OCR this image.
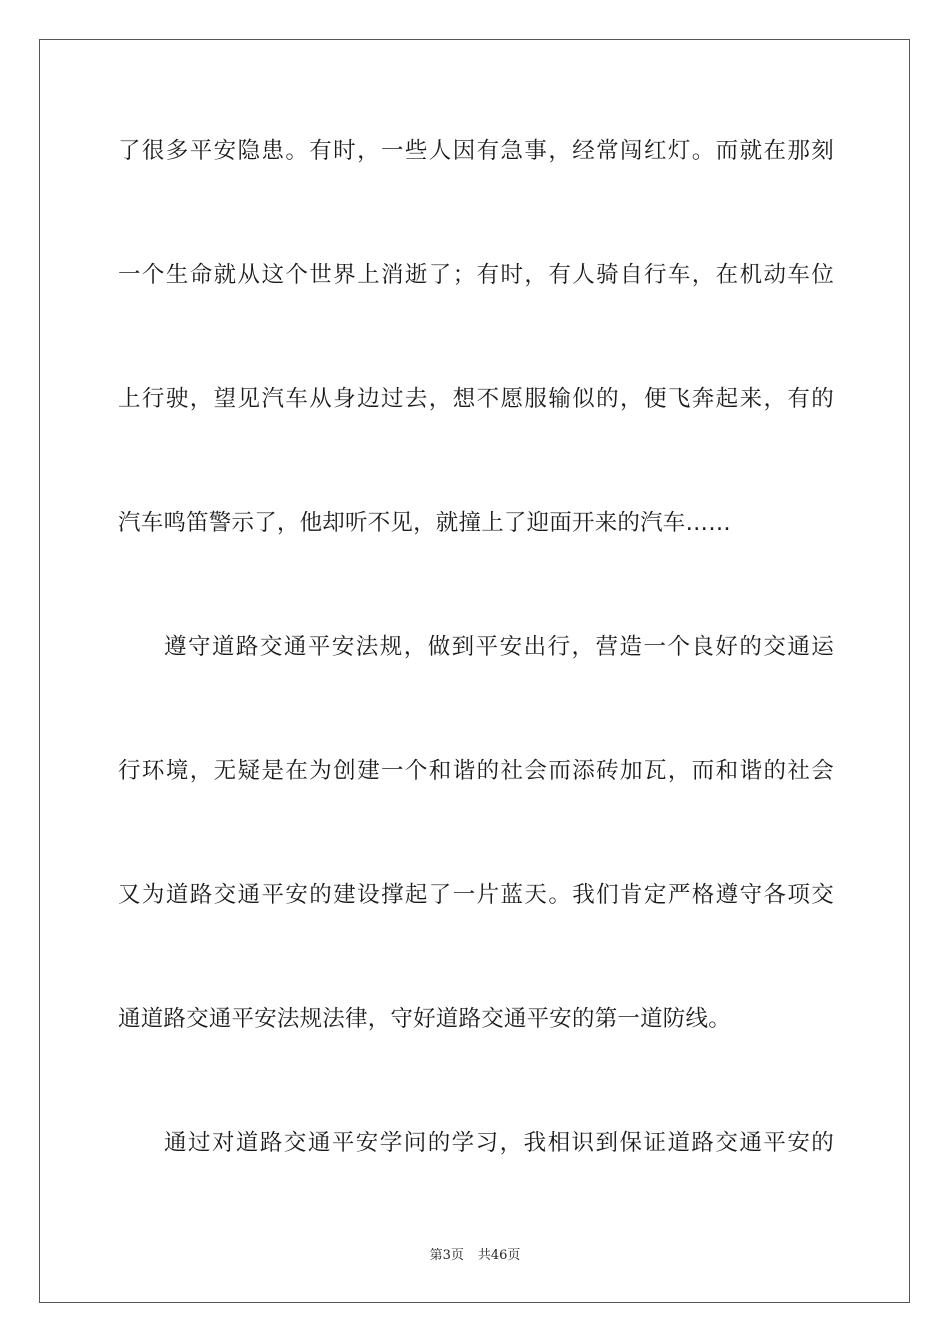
了很多平安隐患。有时，一些人因有急事，经常闯红灯。而就在那刻
一个生命就从这个世界上消逝了；有时，有人骑自行车，在机动车位
上行驶，望见汽车从身边过去，想不愿服输似的，便飞奔起来，有的
汽车鸣笛警示了，他却听不见，就撞上了迎面开来的汽车……
遵守道路交通平安法规，做到平安出行，营造一个良好的交通运
行环境，无疑是在为创建一个和谐的社会而添砖加瓦，而和谐的社会
又为道路交通平安的建设撑起了一片蓝天。我们肯定严格遵守各项交
通道路交通平安法规法律，守好道路交通平安的第一道防线。
通过对道路交通平安学问的学习，我相识到保证道路交通平安的
第3页 共46页
